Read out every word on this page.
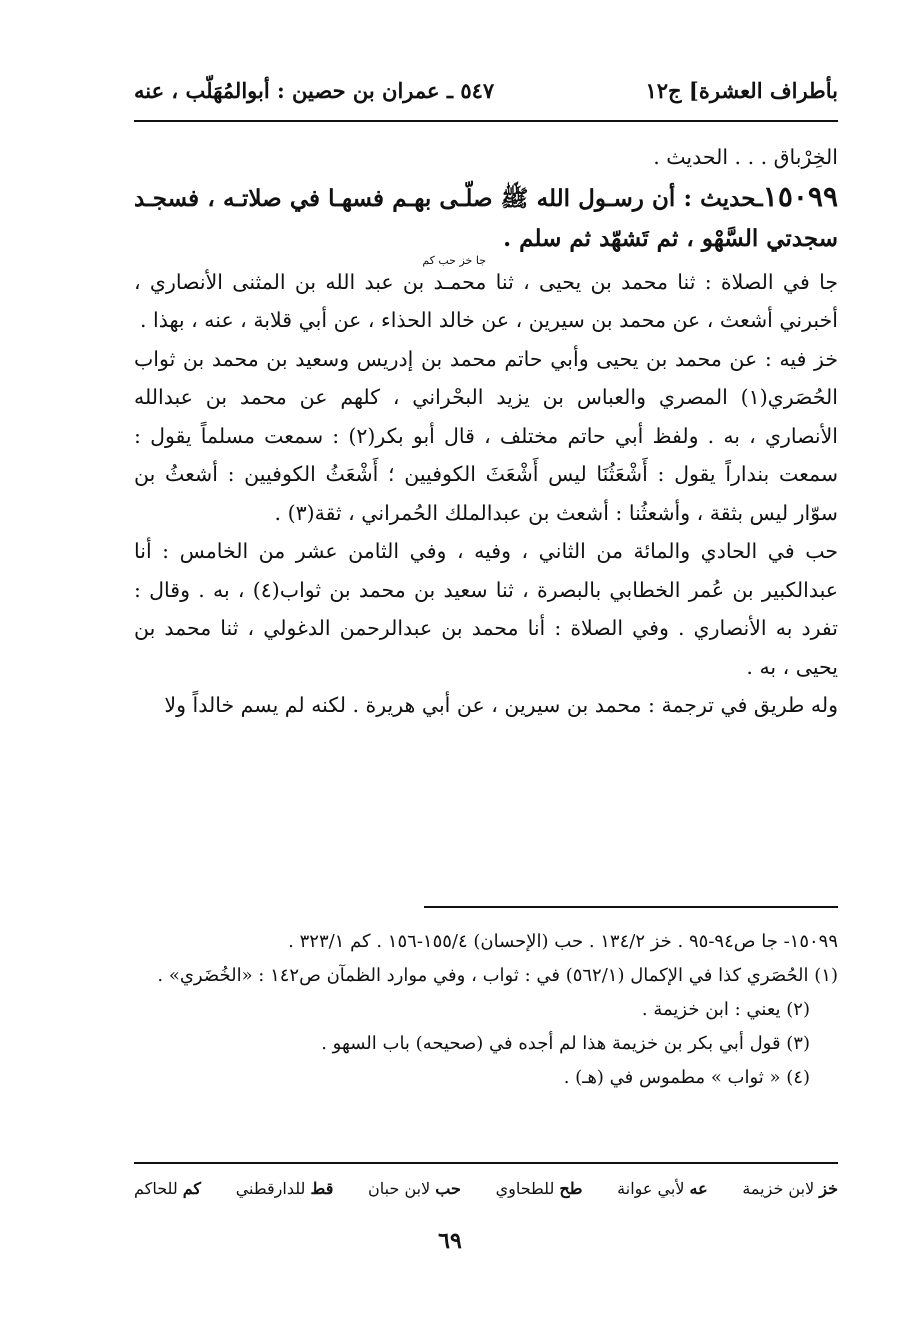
بأطراف العشرة] ج١٢
٥٤٧ ـ عمران بن حصين : أبوالمُهَلّب ، عنه

الخِرْباق . . . الحديث .

١٥٠٩٩ـحديث : أن رسـول الله ﷺ صلّـى بهـم فسهـا في صلاتـه ، فسجـد سجدتي السَّهْو ، ثم تَشهّد ثم سلم .
جا خز حب كم

جا في الصلاة : ثنا محمد بن يحيى ، ثنا محمـد بن عبد الله بن المثنى الأنصاري ، أخبرني أشعث ، عن محمد بن سيرين ، عن خالد الحذاء ، عن أبي قلابة ، عنه ، بهذا .

خز فيه : عن محمد بن يحيى وأبي حاتم محمد بن إدريس وسعيد بن محمد بن ثواب الحُصَري(١) المصري والعباس بن يزيد البحْراني ، كلهم عن محمد بن عبدالله الأنصاري ، به . ولفظ أبي حاتم مختلف ، قال أبو بكر(٢) : سمعت مسلماً يقول : سمعت بنداراً يقول : أَشْعَثُنَا ليس أَشْعَثَ الكوفيين ؛ أَشْعَثُ الكوفيين : أشعثُ بن سوّار ليس بثقة ، وأشعثُنا : أشعث بن عبدالملك الحُمراني ، ثقة(٣) .

حب في الحادي والمائة من الثاني ، وفيه ، وفي الثامن عشر من الخامس : أنا عبدالكبير بن عُمر الخطابي بالبصرة ، ثنا سعيد بن محمد بن ثواب(٤) ، به . وقال : تفرد به الأنصاري . وفي الصلاة : أنا محمد بن عبدالرحمن الدغولي ، ثنا محمد بن يحيى ، به .

وله طريق في ترجمة : محمد بن سيرين ، عن أبي هريرة . لكنه لم يسم خالداً ولا

١٥٠٩٩- جا ص٩٤-٩٥ . خز ١٣٤/٢ . حب (الإحسان) ١٥٥/٤-١٥٦ . كم ٣٢٣/١ .

(١) الحُصَري كذا في الإكمال (٥٦٢/١) في : ثواب ، وفي موارد الظمآن ص١٤٢ : «الخُضَري» .

(٢) يعني : ابن خزيمة .

(٣) قول أبي بكر بن خزيمة هذا لم أجده في (صحيحه) باب السهو .

(٤) « ثواب » مطموس في (هـ) .

خز لابن خزيمة
عه لأبي عوانة
طح للطحاوي
حب لابن حبان
قط للدارقطني
كم للحاكم
٦٩
